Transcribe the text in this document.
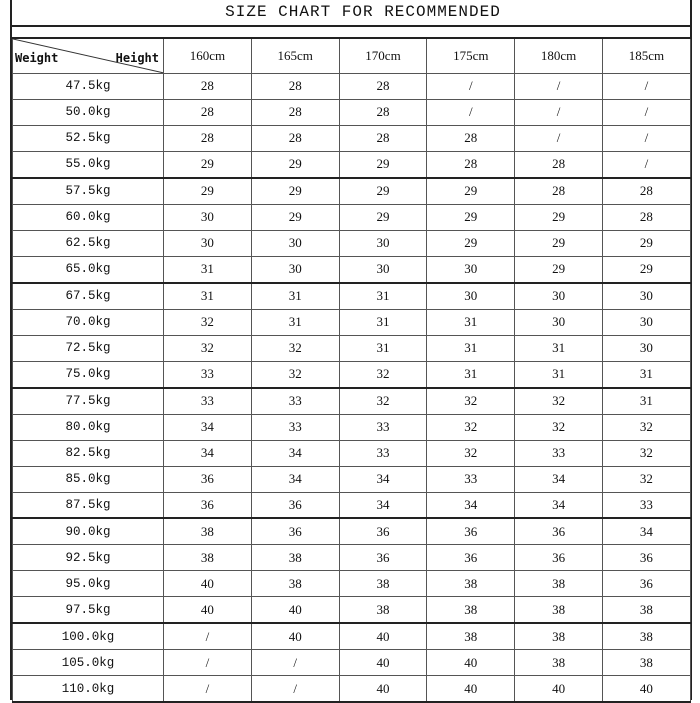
SIZE CHART FOR RECOMMENDED
Weight Height	160cm	165cm	170cm	175cm	180cm	185cm
47.5kg	28	28	28	/	/	/
50.0kg	28	28	28	/	/	/
52.5kg	28	28	28	28	/	/
55.0kg	29	29	29	28	28	/
57.5kg	29	29	29	29	28	28
60.0kg	30	29	29	29	29	28
62.5kg	30	30	30	29	29	29
65.0kg	31	30	30	30	29	29
67.5kg	31	31	31	30	30	30
70.0kg	32	31	31	31	30	30
72.5kg	32	32	31	31	31	30
75.0kg	33	32	32	31	31	31
77.5kg	33	33	32	32	32	31
80.0kg	34	33	33	32	32	32
82.5kg	34	34	33	32	33	32
85.0kg	36	34	34	33	34	32
87.5kg	36	36	34	34	34	33
90.0kg	38	36	36	36	36	34
92.5kg	38	38	36	36	36	36
95.0kg	40	38	38	38	38	36
97.5kg	40	40	38	38	38	38
100.0kg	/	40	40	38	38	38
105.0kg	/	/	40	40	38	38
110.0kg	/	/	40	40	40	40
